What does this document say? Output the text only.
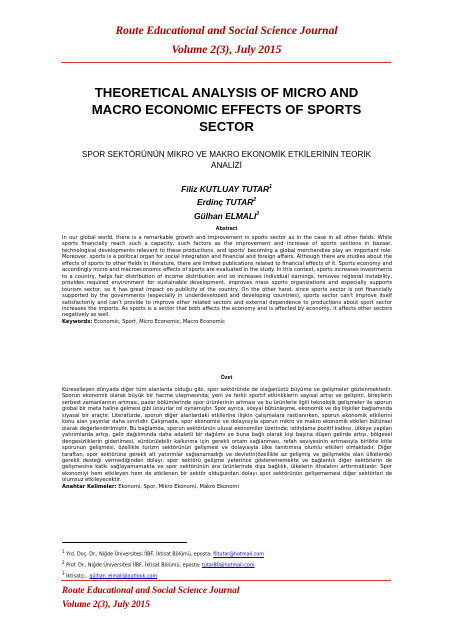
Route Educational and Social Science Journal
Volume 2(3), July 2015
THEORETICAL ANALYSIS OF MICRO AND MACRO ECONOMIC EFFECTS OF SPORTS SECTOR
SPOR SEKTÖRÜNÜN MİKRO VE MAKRO EKONOMİK ETKİLERİNİN TEORİK ANALİZİ
Filiz KUTLUAY TUTAR$^1$
Erdinç TUTAR$^2$
Gülhan ELMALI$^3$
Abstract
In our global world, there is a remarkable growth and improvement in sports sector as in the case in all other fields. While sports financially reach such a capacity, such factors as the improvement and increase of sports sections in bazaar, technological developments relevant to these productions, and sports' becoming a global merchandise play an important role. Moreover, sports is a political organ for social integration and financial and foreign affairs. Although there are studies about the effects of sports to other fields in literature, there are limited publications related to financial effects of it. Sports economy and accordingly micro and macroeconomic effects of sports are evaluated in the study. In this context, sports increases investments to a country, helps fair distribution of income distribution and so increases individual earnings, removes regional instability, provides required environment for sustainable development, improves mass sports organizations and especially supports tourism sector, so it has great impact on publicity of the country. On the other hand, since sports sector is not financially supported by the governments (especially in underdeveloped and developing countries), sports sector can't improve itself satisfactorily and can't provide to improve other related sectors and external dependence to productions about sport sector increases the imports. As sports is a sector that both affects the economy and is affected by economy, it affects other sectors negatively as well.
Keywords: Economic, Sport, Micro Economic, Macro Economic
Özet
Küreselleşen dünyada diğer tüm alanlarda olduğu gibi, spor sektöründe de olağanüstü büyüme ve gelişmeler gözlenmektedir. Sporun ekonomik olarak büyük bir hacme ulaşmasında; yeni ve farklı sportif etkinliklerin sayısal artışı ve gelişimi, bireylerin serbest zamanlarının artması, pazar bölümlerinde spor ürünlerinin artması ve bu ürünlerle ilgili teknolojik gelişmeler ile sporun global bir meta haline gelmesi gibi unsurlar rol oynamıştır. Spor ayrıca, sosyal bütünleşme, ekonomik ve dış ilişkiler bağlamında siyasal bir araçtır. Literatürde, sporun diğer alanlardaki etkilerine ilişkin çalışmalara rastlanırken, sporun ekonomik etkilerini konu alan yayınlar daha sınırlıdır. Çalışmada, spor ekonomisi ve dolayısıyla sporun mikro ve makro ekonomik etkileri bütünsel olarak değerlendirilmiştir. Bu bağlamda, sporun sektörünün ulusal ekonomiler üzerinde; istihdama pozitif katkısı, ülkeye yapılan yatırımlarda artışı, gelir dağılımında daha adaletli bir dağılımı ve buna bağlı olarak kişi başına düşen gelirde artışı, bölgesel dengesizliklerin giderilmesi, sürdürülebilir kalkınma için gerekli ortam sağlanması, refah seviyesinin artmasıyla birlikte kitle sporunun gelişmesi, özellikle turizm sektörünün gelişmesi ve dolayısıyla ülke tanıtımına olumlu etkileri olmaktadır. Diğer taraftan, spor sektörüne gerekli alt yatırımlar sağlanamadığı ve devletin(özellikle az gelişmiş ve gelişmekte olan ülkelerde) gerekli desteği vermediğinden dolayı, spor sektörü gelişme yeterince gösterememekte ve bağlantılı diğer sektörlerin de gelişmesine katkı sağlayamamakta ve spor sektörünün ara ürünlerinde dışa bağlılık, ülkelerin ithalatını arttırmaktadır. Spor ekonomiyi hem etkileyen hem de etkilenen bir sektör olduğundan dolayı spor sektörünün gelişememesi diğer sektörleri de olumsuz etkileyecektir.
Anahtar Kelimeler: Ekonomi, Spor, Mikro Ekonomi, Makro Ekonomi
$^1$ Yrd. Doç. Dr., Niğde Üniversitesi İİBF, İktisat Bölümü, eposta: flitutar@hotmail.com
$^2$ Prof. Dr., Niğde Üniversitesi İİBF, İktisat Bölümü, eposta: tutar80@hotmail.com
$^3$ İktisatçı., gülhan_elmali@outlook.com
Route Educational and Social Science Journal
Volume 2(3), July 2015
